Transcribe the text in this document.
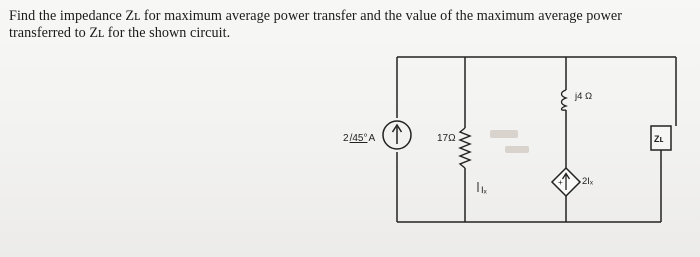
Find the impedance Zʟ for maximum average power transfer and the value of the maximum average power
transferred to Zʟ for the shown circuit.
2/45°A	17Ω
Iₓ
j4 Ω
+ 2Iₓ
Zʟ
